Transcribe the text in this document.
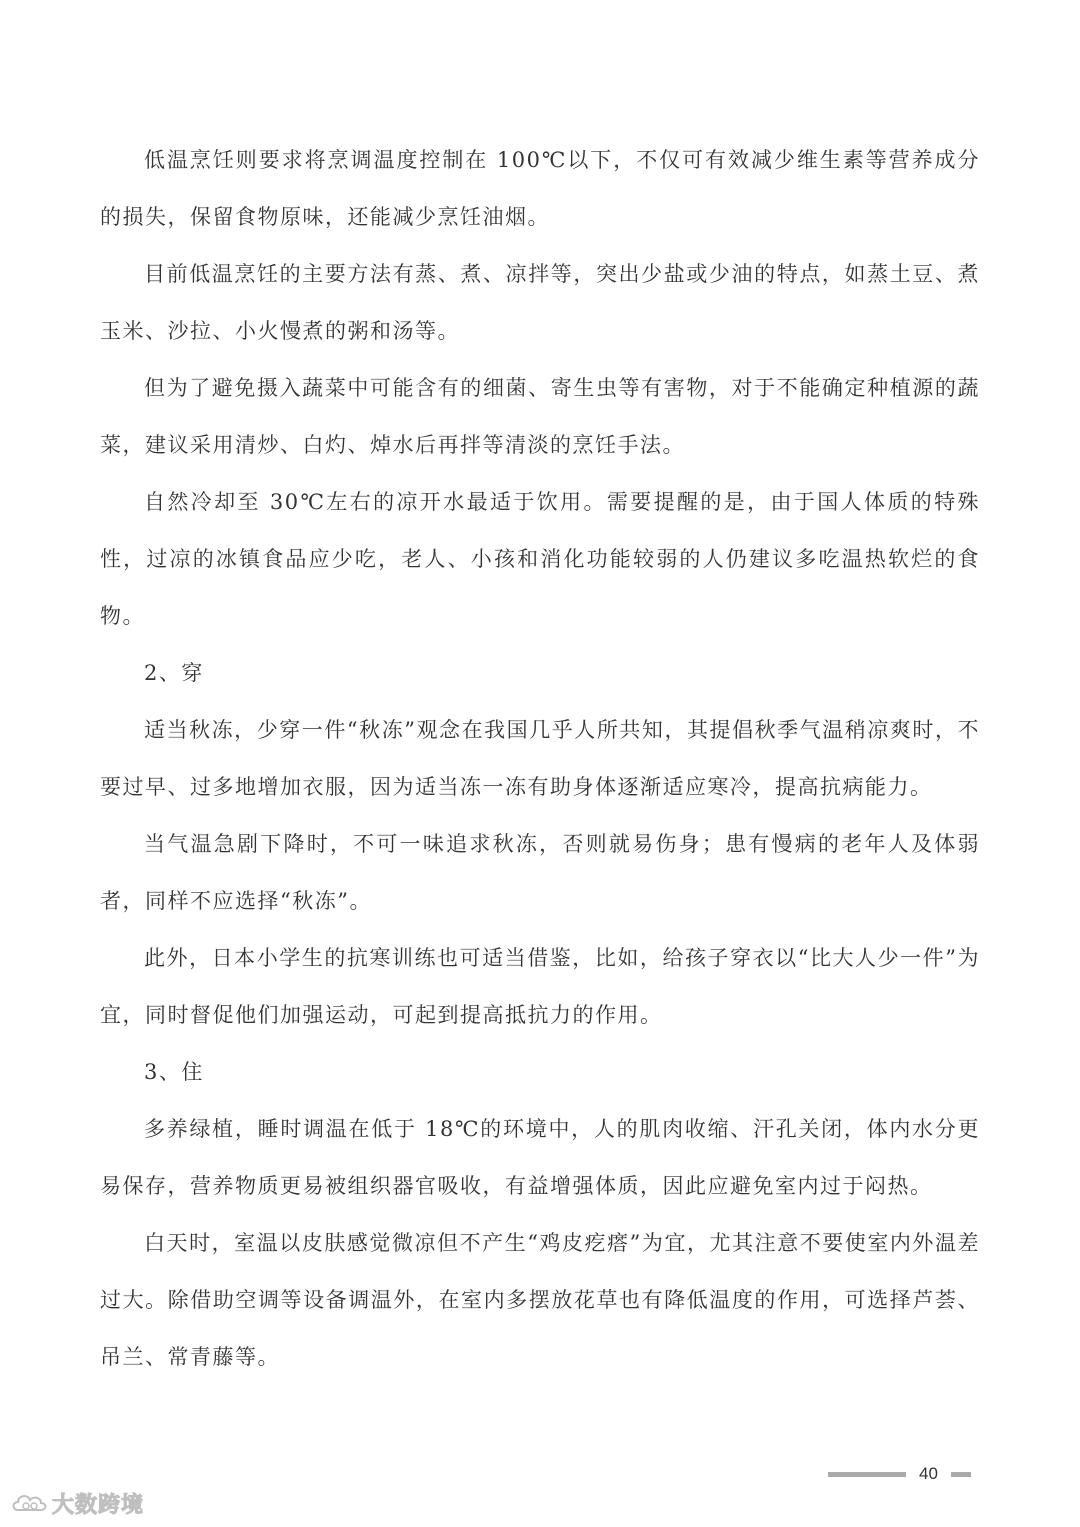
低温烹饪则要求将烹调温度控制在 100℃以下，不仅可有效减少维生素等营养成分的损失，保留食物原味，还能减少烹饪油烟。

目前低温烹饪的主要方法有蒸、煮、凉拌等，突出少盐或少油的特点，如蒸土豆、煮玉米、沙拉、小火慢煮的粥和汤等。

但为了避免摄入蔬菜中可能含有的细菌、寄生虫等有害物，对于不能确定种植源的蔬菜，建议采用清炒、白灼、焯水后再拌等清淡的烹饪手法。

自然冷却至 30℃左右的凉开水最适于饮用。需要提醒的是，由于国人体质的特殊性，过凉的冰镇食品应少吃，老人、小孩和消化功能较弱的人仍建议多吃温热软烂的食物。

2、穿

适当秋冻，少穿一件“秋冻”观念在我国几乎人所共知，其提倡秋季气温稍凉爽时，不要过早、过多地增加衣服，因为适当冻一冻有助身体逐渐适应寒冷，提高抗病能力。

当气温急剧下降时，不可一味追求秋冻，否则就易伤身；患有慢病的老年人及体弱者，同样不应选择“秋冻”。

此外，日本小学生的抗寒训练也可适当借鉴，比如，给孩子穿衣以“比大人少一件”为宜，同时督促他们加强运动，可起到提高抵抗力的作用。

3、住

多养绿植，睡时调温在低于 18℃的环境中，人的肌肉收缩、汗孔关闭，体内水分更易保存，营养物质更易被组织器官吸收，有益增强体质，因此应避免室内过于闷热。

白天时，室温以皮肤感觉微凉但不产生“鸡皮疙瘩”为宜，尤其注意不要使室内外温差过大。除借助空调等设备调温外，在室内多摆放花草也有降低温度的作用，可选择芦荟、吊兰、常青藤等。

40
大数跨境
